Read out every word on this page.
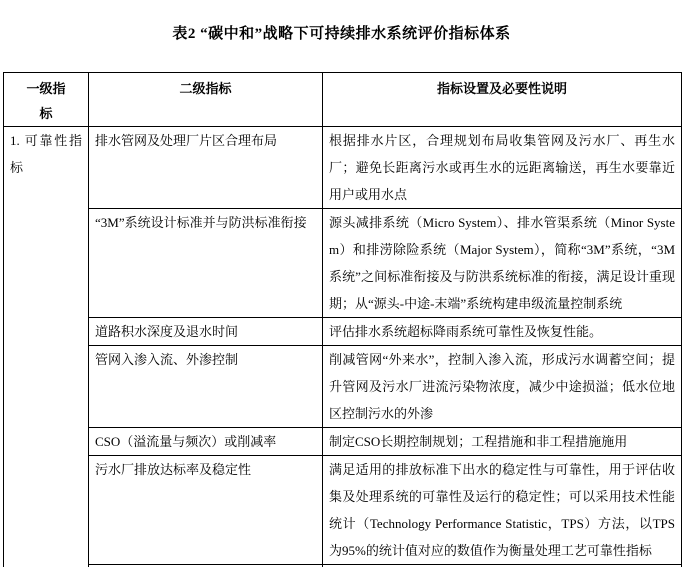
表2 “碳中和”战略下可持续排水系统评价指标体系
一级指标	二级指标	指标设置及必要性说明
1. 可靠性指标	排水管网及处理厂片区合理布局	根据排水片区，合理规划布局收集管网及污水厂、再生水厂；避免长距离污水或再生水的远距离输送，再生水要靠近用户或用水点
	“3M”系统设计标准并与防洪标准衔接	源头减排系统（Micro System）、排水管渠系统（Minor System）和排涝除险系统（Major System），简称“3M”系统，“3M系统”之间标准衔接及与防洪系统标准的衔接，满足设计重现期；从“源头-中途-末端”系统构建串级流量控制系统
	道路积水深度及退水时间	评估排水系统超标降雨系统可靠性及恢复性能。
	管网入渗入流、外渗控制	削减管网“外来水”，控制入渗入流，形成污水调蓄空间；提升管网及污水厂进流污染物浓度，减少中途损溢；低水位地区控制污水的外渗
	CSO（溢流量与频次）或削减率	制定CSO长期控制规划；工程措施和非工程措施施用
	污水厂排放达标率及稳定性	满足适用的排放标准下出水的稳定性与可靠性，用于评估收集及处理系统的可靠性及运行的稳定性；可以采用技术性能统计（Technology Performance Statistic，TPS）方法，以TPS为95%的统计值对应的数值作为衡量处理工艺可靠性指标
